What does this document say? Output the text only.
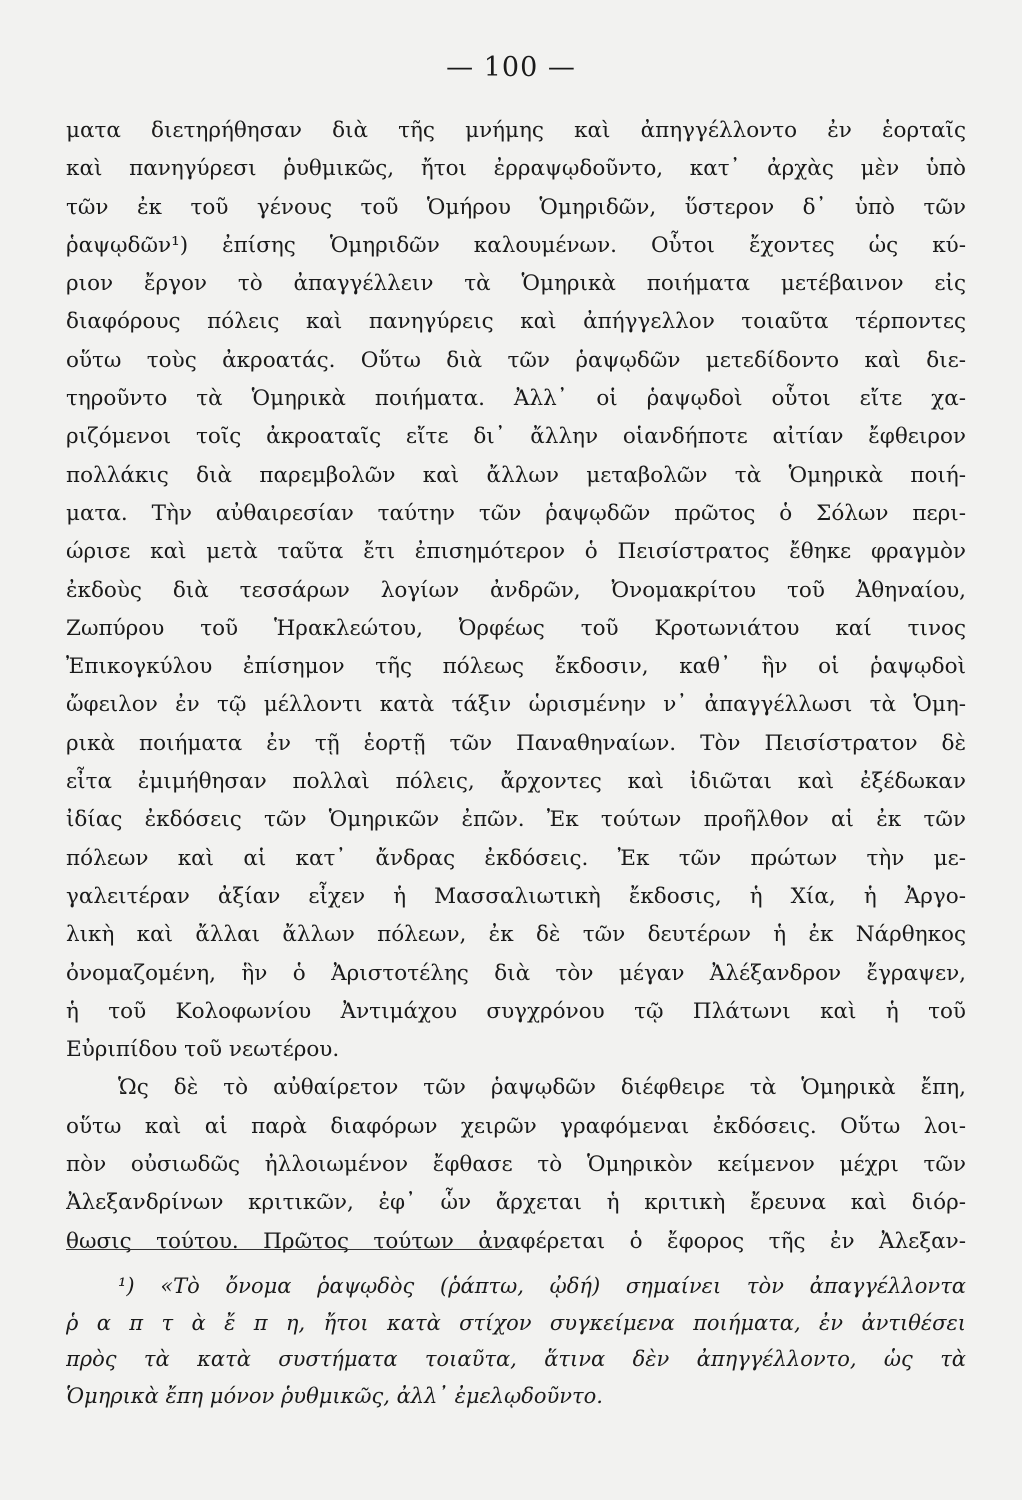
— 100 —
ματα διετηρήθησαν διὰ τῆς μνήμης καὶ ἀπηγγέλλοντο ἐν ἑορταῖς
καὶ πανηγύρεσι ῥυθμικῶς, ἤτοι ἐρραψῳδοῦντο, κατ᾿ ἀρχὰς μὲν ὑπὸ
τῶν ἐκ τοῦ γένους τοῦ Ὁμήρου Ὁμηριδῶν, ὕστερον δ᾿ ὑπὸ τῶν
ῥαψῳδῶν¹) ἐπίσης Ὁμηριδῶν καλουμένων. Οὗτοι ἔχοντες ὡς κύ-
ριον ἔργον τὸ ἀπαγγέλλειν τὰ Ὁμηρικὰ ποιήματα μετέβαινον εἰς
διαφόρους πόλεις καὶ πανηγύρεις καὶ ἀπήγγελλον τοιαῦτα τέρποντες
οὕτω τοὺς ἀκροατάς. Οὕτω διὰ τῶν ῥαψῳδῶν μετεδίδοντο καὶ διε-
τηροῦντο τὰ Ὁμηρικὰ ποιήματα. Ἀλλ᾿ οἱ ῥαψῳδοὶ οὗτοι εἴτε χα-
ριζόμενοι τοῖς ἀκροαταῖς εἴτε δι᾿ ἄλλην οἱανδήποτε αἰτίαν ἔφθειρον
πολλάκις διὰ παρεμβολῶν καὶ ἄλλων μεταβολῶν τὰ Ὁμηρικὰ ποιή-
ματα. Τὴν αὐθαιρεσίαν ταύτην τῶν ῥαψῳδῶν πρῶτος ὁ Σόλων περι-
ώρισε καὶ μετὰ ταῦτα ἔτι ἐπισημότερον ὁ Πεισίστρατος ἔθηκε φραγμὸν
ἐκδοὺς διὰ τεσσάρων λογίων ἀνδρῶν, Ὀνομακρίτου τοῦ Ἀθηναίου,
Ζωπύρου τοῦ Ἡρακλεώτου, Ὀρφέως τοῦ Κροτωνιάτου καί τινος
Ἐπικογκύλου ἐπίσημον τῆς πόλεως ἔκδοσιν, καθ᾿ ἣν οἱ ῥαψῳδοὶ
ὤφειλον ἐν τῷ μέλλοντι κατὰ τάξιν ὡρισμένην ν᾿ ἀπαγγέλλωσι τὰ Ὁμη-
ρικὰ ποιήματα ἐν τῇ ἑορτῇ τῶν Παναθηναίων. Τὸν Πεισίστρατον δὲ
εἶτα ἐμιμήθησαν πολλαὶ πόλεις, ἄρχοντες καὶ ἰδιῶται καὶ ἐξέδωκαν
ἰδίας ἐκδόσεις τῶν Ὁμηρικῶν ἐπῶν. Ἐκ τούτων προῆλθον αἱ ἐκ τῶν
πόλεων καὶ αἱ κατ᾿ ἄνδρας ἐκδόσεις. Ἐκ τῶν πρώτων τὴν με-
γαλειτέραν ἀξίαν εἶχεν ἡ Μασσαλιωτικὴ ἔκδοσις, ἡ Χία, ἡ Ἀργο-
λικὴ καὶ ἄλλαι ἄλλων πόλεων, ἐκ δὲ τῶν δευτέρων ἡ ἐκ Νάρθηκος
ὀνομαζομένη, ἣν ὁ Ἀριστοτέλης διὰ τὸν μέγαν Ἀλέξανδρον ἔγραψεν,
ἡ τοῦ Κολοφωνίου Ἀντιμάχου συγχρόνου τῷ Πλάτωνι καὶ ἡ τοῦ
Εὐριπίδου τοῦ νεωτέρου.
Ὡς δὲ τὸ αὐθαίρετον τῶν ῥαψῳδῶν διέφθειρε τὰ Ὁμηρικὰ ἔπη,
οὕτω καὶ αἱ παρὰ διαφόρων χειρῶν γραφόμεναι ἐκδόσεις. Οὕτω λοι-
πὸν οὐσιωδῶς ἠλλοιωμένον ἔφθασε τὸ Ὁμηρικὸν κείμενον μέχρι τῶν
Ἀλεξανδρίνων κριτικῶν, ἐφ᾿ ὧν ἄρχεται ἡ κριτικὴ ἔρευνα καὶ διόρ-
θωσις τούτου. Πρῶτος τούτων ἀναφέρεται ὁ ἔφορος τῆς ἐν Ἀλεξαν-
¹) «Τὸ ὄνομα ῥαψῳδὸς (ῥάπτω, ᾠδή) σημαίνει τὸν ἀπαγγέλλοντα
ῥ α π τ ὰ ἔ π η, ἤτοι κατὰ στίχον συγκείμενα ποιήματα, ἐν ἀντιθέσει
πρὸς τὰ κατὰ συστήματα τοιαῦτα, ἅτινα δὲν ἀπηγγέλλοντο, ὡς τὰ
Ὁμηρικὰ ἔπη μόνον ῥυθμικῶς, ἀλλ᾿ ἐμελῳδοῦντο.
